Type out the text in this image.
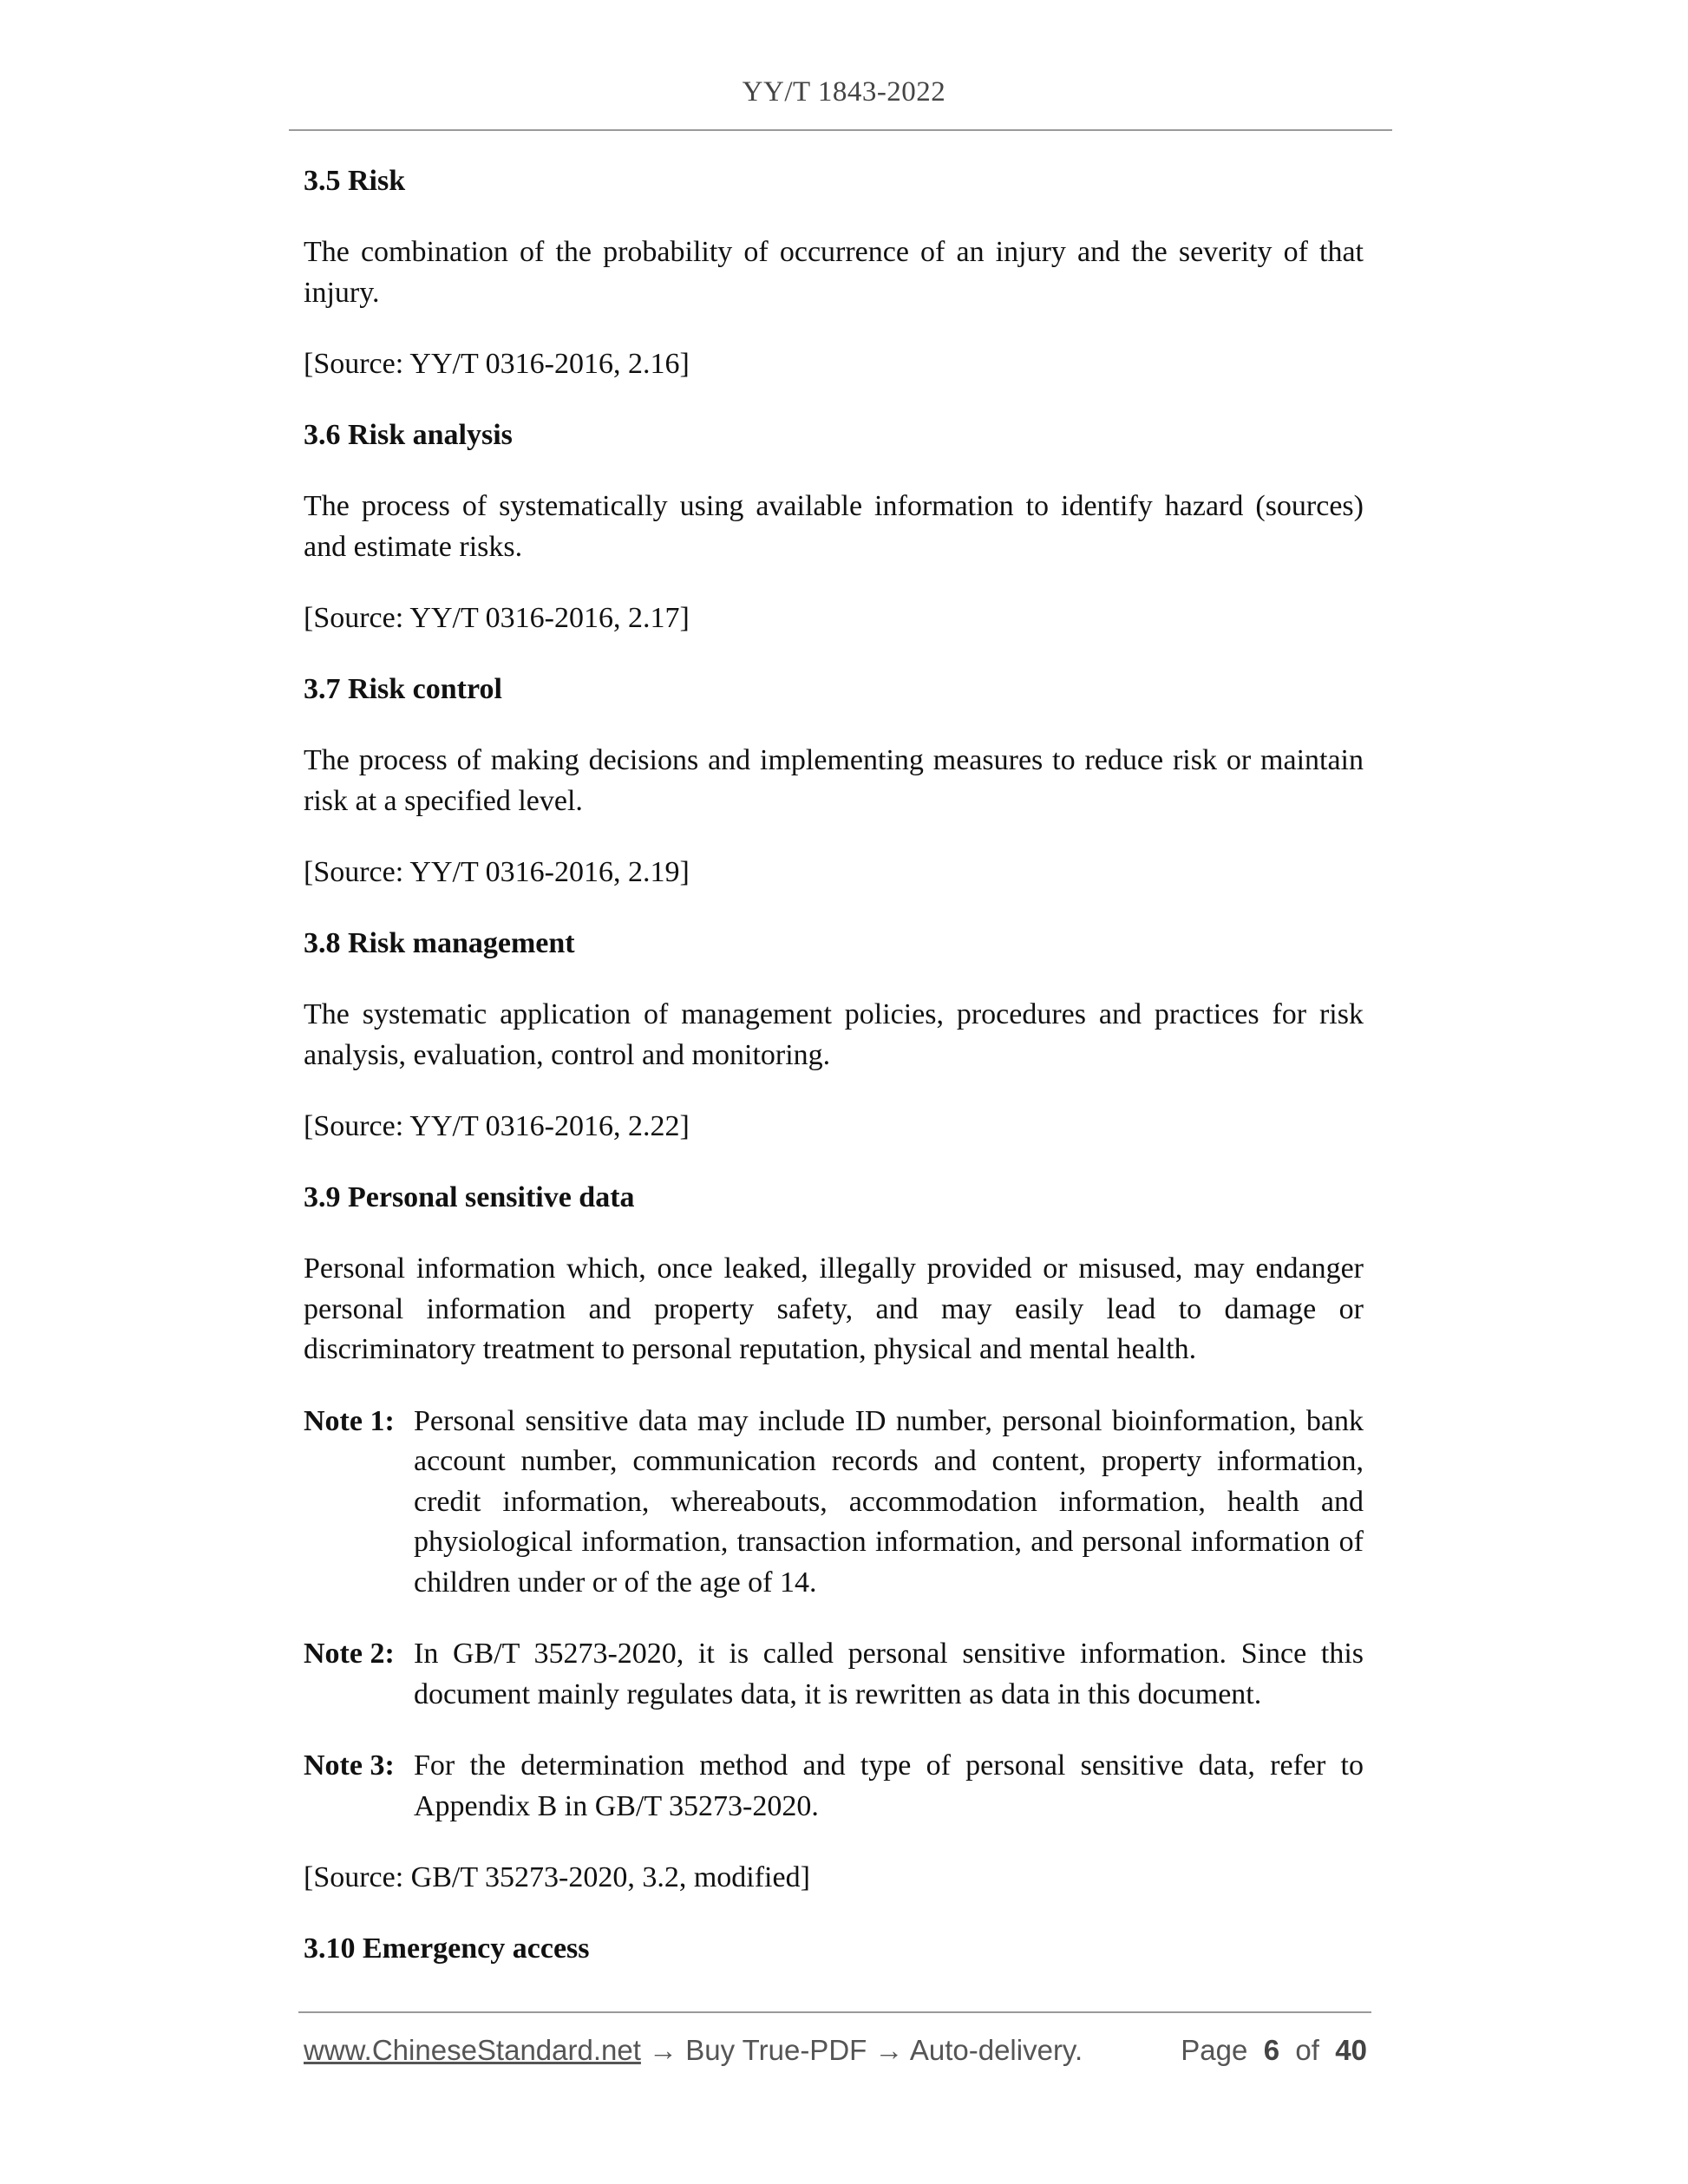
YY/T 1843-2022
3.5 Risk
The combination of the probability of occurrence of an injury and the severity of that injury.
[Source: YY/T 0316-2016, 2.16]
3.6 Risk analysis
The process of systematically using available information to identify hazard (sources) and estimate risks.
[Source: YY/T 0316-2016, 2.17]
3.7 Risk control
The process of making decisions and implementing measures to reduce risk or maintain risk at a specified level.
[Source: YY/T 0316-2016, 2.19]
3.8 Risk management
The systematic application of management policies, procedures and practices for risk analysis, evaluation, control and monitoring.
[Source: YY/T 0316-2016, 2.22]
3.9 Personal sensitive data
Personal information which, once leaked, illegally provided or misused, may endanger personal information and property safety, and may easily lead to damage or discriminatory treatment to personal reputation, physical and mental health.
Note 1: Personal sensitive data may include ID number, personal bioinformation, bank account number, communication records and content, property information, credit information, whereabouts, accommodation information, health and physiological information, transaction information, and personal information of children under or of the age of 14.
Note 2: In GB/T 35273-2020, it is called personal sensitive information. Since this document mainly regulates data, it is rewritten as data in this document.
Note 3: For the determination method and type of personal sensitive data, refer to Appendix B in GB/T 35273-2020.
[Source: GB/T 35273-2020, 3.2, modified]
3.10 Emergency access
www.ChineseStandard.net → Buy True-PDF → Auto-delivery.	Page 6 of 40
